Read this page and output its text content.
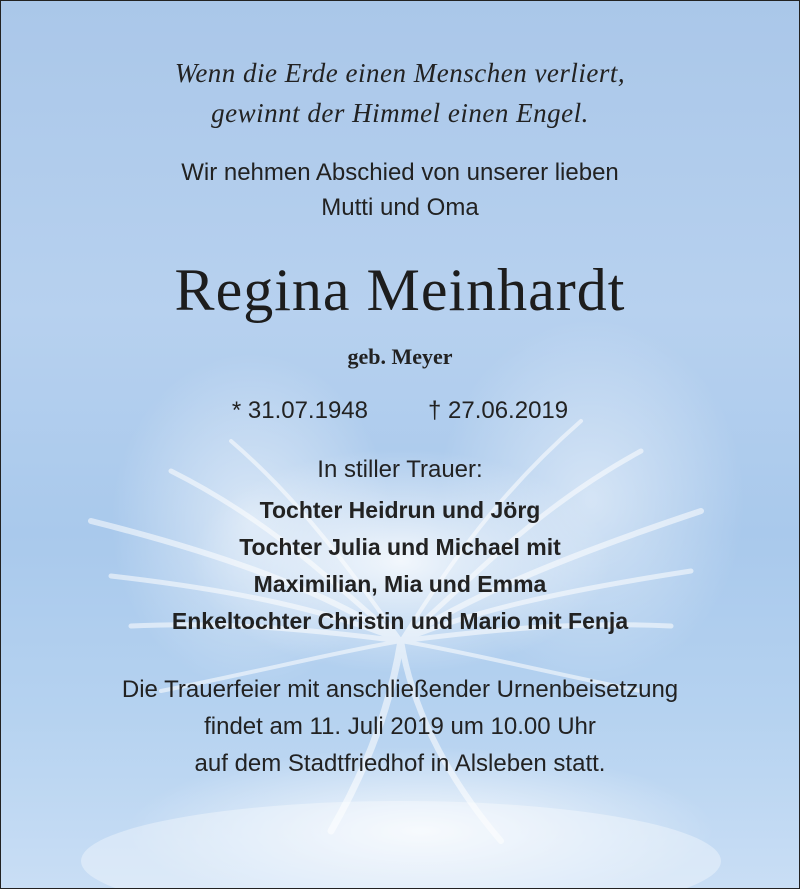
Wenn die Erde einen Menschen verliert,
gewinnt der Himmel einen Engel.
Wir nehmen Abschied von unserer lieben
Mutti und Oma
Regina Meinhardt
geb. Meyer
* 31.07.1948	† 27.06.2019
In stiller Trauer:
Tochter Heidrun und Jörg
Tochter Julia und Michael mit
Maximilian, Mia und Emma
Enkeltochter Christin und Mario mit Fenja
Die Trauerfeier mit anschließender Urnenbeisetzung
findet am 11. Juli 2019 um 10.00 Uhr
auf dem Stadtfriedhof in Alsleben statt.
